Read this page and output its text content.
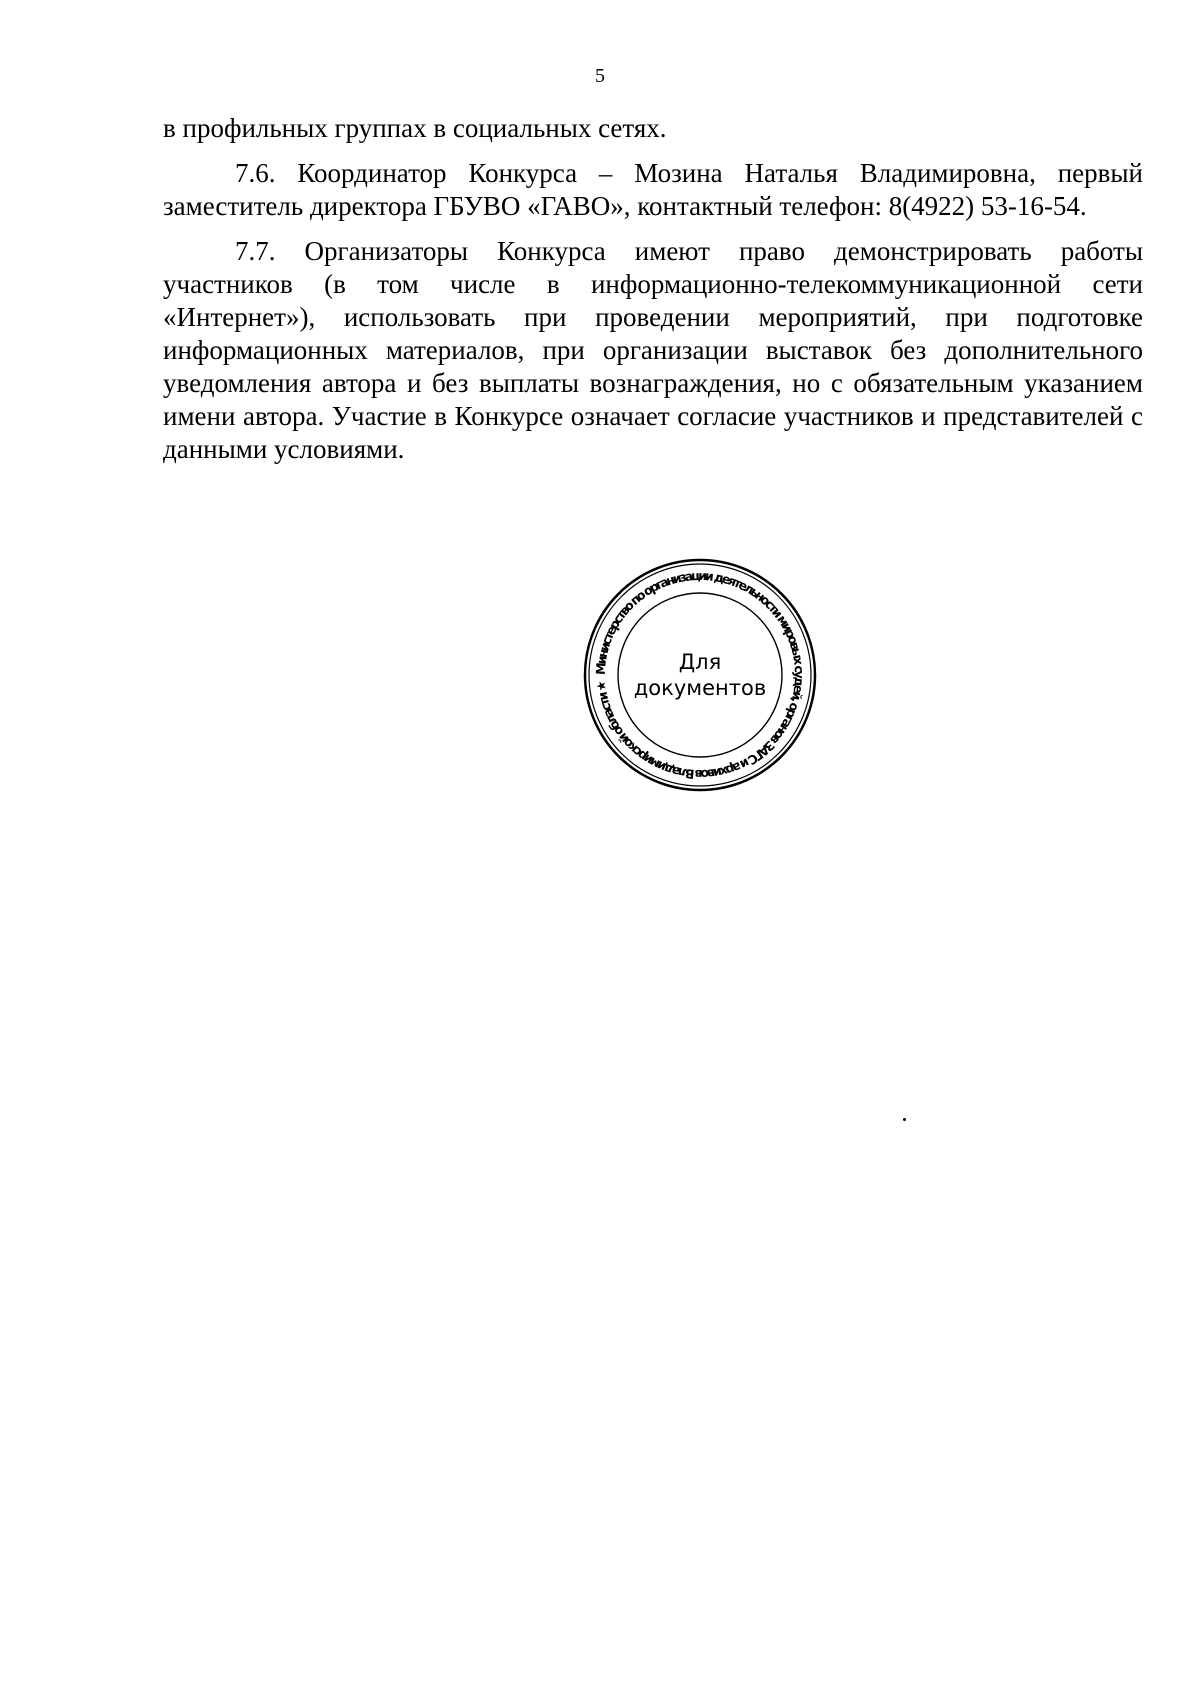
5

в профильных группах в социальных сетях.

7.6. Координатор Конкурса – Мозина Наталья Владимировна, первый заместитель директора ГБУВО «ГАВО», контактный телефон: 8(4922) 53-16-54.

7.7. Организаторы Конкурса имеют право демонстрировать работы участников (в том числе в информационно-телекоммуникационной сети «Интернет»), использовать при проведении мероприятий, при подготовке информационных материалов, при организации выставок без дополнительного уведомления автора и без выплаты вознаграждения, но с обязательным указанием имени автора. Участие в Конкурсе означает согласие участников и представителей с данными условиями.

Министерство по организации деятельности мировых судей, органов ЗАГС и архивов Владимирской области ★
Для
документов
